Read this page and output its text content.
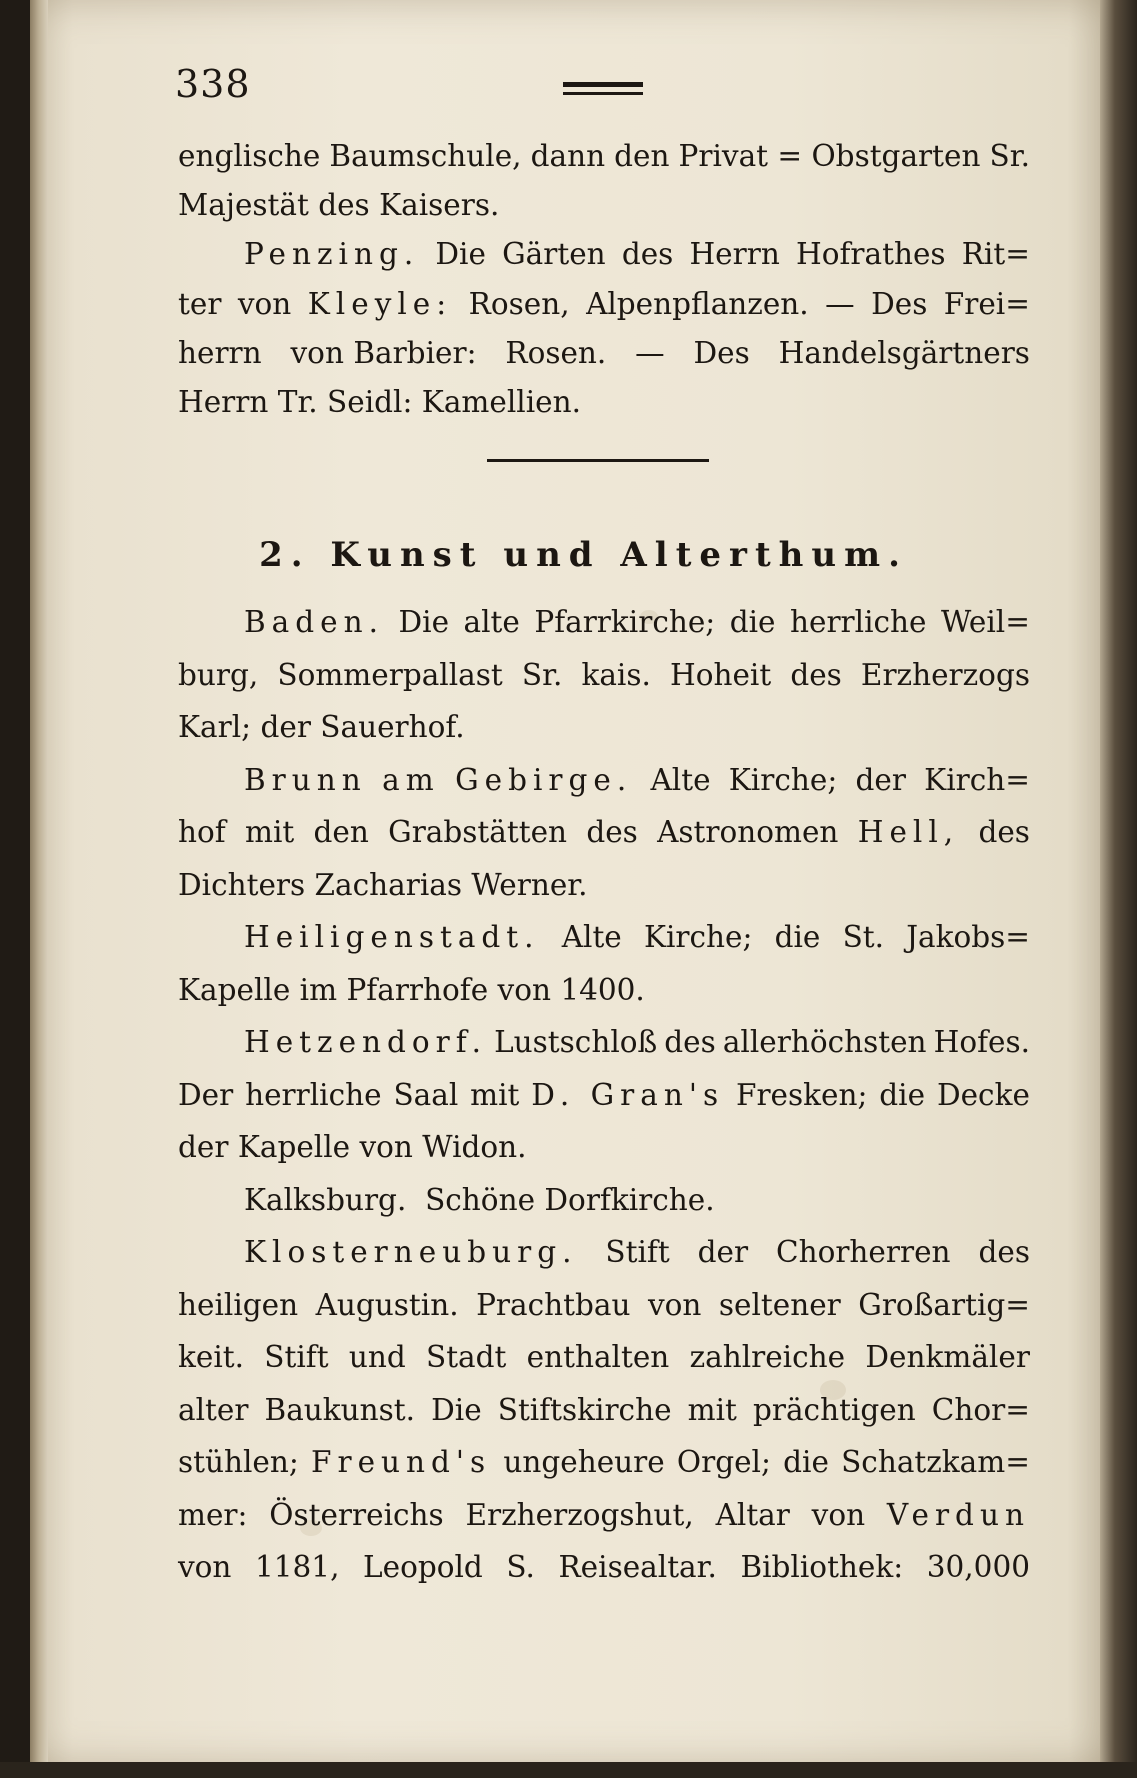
338
englische Baumschule, dann den Privat = Obstgarten Sr.
Majestät des Kaisers.
Penzing. Die Gärten des Herrn Hofrathes Rit=
ter von Kleyle: Rosen, Alpenpflanzen. — Des Frei=
herrn von Barbier: Rosen. — Des Handelsgärtners
Herrn Tr. Seidl: Kamellien.
2. Kunst und Alterthum.
Baden. Die alte Pfarrkirche; die herrliche Weil=
burg, Sommerpallast Sr. kais. Hoheit des Erzherzogs
Karl; der Sauerhof.
Brunn am Gebirge. Alte Kirche; der Kirch=
hof mit den Grabstätten des Astronomen Hell, des
Dichters Zacharias Werner.
Heiligenstadt. Alte Kirche; die St. Jakobs=
Kapelle im Pfarrhofe von 1400.
Hetzendorf. Lustschloß des allerhöchsten Hofes.
Der herrliche Saal mit D. Gran's Fresken; die Decke
der Kapelle von Widon.
Kalksburg.  Schöne Dorfkirche.
Klosterneuburg. Stift der Chorherren des
heiligen Augustin. Prachtbau von seltener Großartig=
keit. Stift und Stadt enthalten zahlreiche Denkmäler
alter Baukunst. Die Stiftskirche mit prächtigen Chor=
stühlen; Freund's ungeheure Orgel; die Schatzkam=
mer: Österreichs Erzherzogshut, Altar von Verdun
von 1181, Leopold S. Reisealtar. Bibliothek: 30,000
